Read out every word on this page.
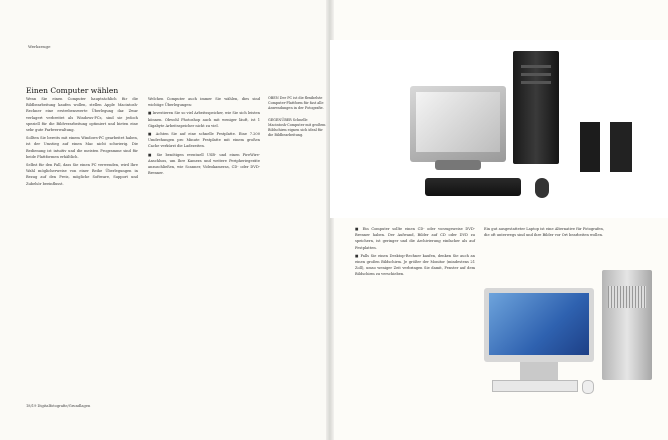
Werkzeuge
Einen Computer wählen

Wenn Sie einen Computer hauptsächlich für die Bildbearbeitung kaufen wollen, stellen Apple Macintosh-Rechner eine erstrebenswerte Überlegung dar. Zwar verlagert verbreitet als Windows-PCs, sind sie jedoch speziell für die Bildverarbeitung optimiert und bieten eine sehr gute Farbverwaltung.

Sollten Sie bereits mit einem Windows-PC gearbeitet haben, ist der Umstieg auf einen Mac nicht schwierig. Die Bedienung ist intuitiv und die meisten Programme sind für beide Plattformen erhältlich.

Selbst für den Fall, dass Sie einen PC verwenden, wird Ihre Wahl möglicherweise von einer Reihe Überlegungen in Bezug auf den Preis, mögliche Software, Support und Zubehör beeinflusst.

Welchen Computer auch immer Sie wählen, dies sind wichtige Überlegungen:

■ Investieren Sie so viel Arbeitsspeicher, wie Sie sich leisten können. Obwohl Photoshop auch mit weniger läuft, ist 1 Gigabyte Arbeitsspeicher nicht zu viel.

■ Achten Sie auf eine schnelle Festplatte. Eine 7.200 Umdrehungen pro Minute Festplatte mit einem großen Cache verkürzt die Ladezeiten.

■ Sie benötigen eventuell USB- und einen FireWire-Anschluss, um Ihre Kamera und weitere Peripheriegeräte anzuschließen, wie Scanner, Videokameras, CD- oder DVD-Brenner.

OBEN Der PC ist die flexibelste Computer-Plattform für fast alle Anwendungen in der Fotografie.
GEGENÜBER Schnelle Macintosh-Computer mit großem Bildschirm eignen sich ideal für die Bildbearbeitung.
18/19 Digitalfotografie/Grundlagen

■ Ein Computer sollte einen CD- oder vorzugsweise DVD-Brenner haben. Der Aufwand, Bilder auf CD oder DVD zu speichern, ist geringer und die Archivierung einfacher als auf Festplatten.

■ Falls Sie einen Desktop-Rechner kaufen, denken Sie auch an einen großen Bildschirm. Je größer der Monitor (mindestens 21 Zoll), umso weniger Zeit verbringen Sie damit, Fenster auf dem Bildschirm zu verschieben.

Ein gut ausgestatteter Laptop ist eine Alternative für Fotografen, die oft unterwegs sind und ihre Bilder vor Ort bearbeiten wollen.
